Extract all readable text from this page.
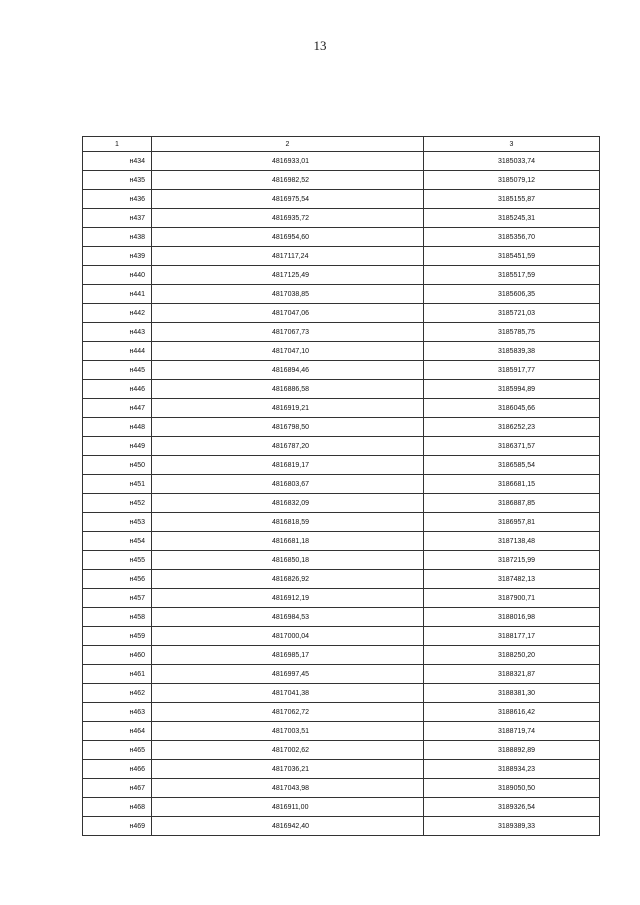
13
1	2	3
н434	4816933,01	3185033,74
н435	4816982,52	3185079,12
н436	4816975,54	3185155,87
н437	4816935,72	3185245,31
н438	4816954,60	3185356,70
н439	4817117,24	3185451,59
н440	4817125,49	3185517,59
н441	4817038,85	3185606,35
н442	4817047,06	3185721,03
н443	4817067,73	3185785,75
н444	4817047,10	3185839,38
н445	4816894,46	3185917,77
н446	4816886,58	3185994,89
н447	4816919,21	3186045,66
н448	4816798,50	3186252,23
н449	4816787,20	3186371,57
н450	4816819,17	3186585,54
н451	4816803,67	3186681,15
н452	4816832,09	3186887,85
н453	4816818,59	3186957,81
н454	4816681,18	3187138,48
н455	4816850,18	3187215,99
н456	4816826,92	3187482,13
н457	4816912,19	3187900,71
н458	4816984,53	3188016,98
н459	4817000,04	3188177,17
н460	4816985,17	3188250,20
н461	4816997,45	3188321,87
н462	4817041,38	3188381,30
н463	4817062,72	3188616,42
н464	4817003,51	3188719,74
н465	4817002,62	3188892,89
н466	4817036,21	3188934,23
н467	4817043,98	3189050,50
н468	4816911,00	3189326,54
н469	4816942,40	3189389,33
